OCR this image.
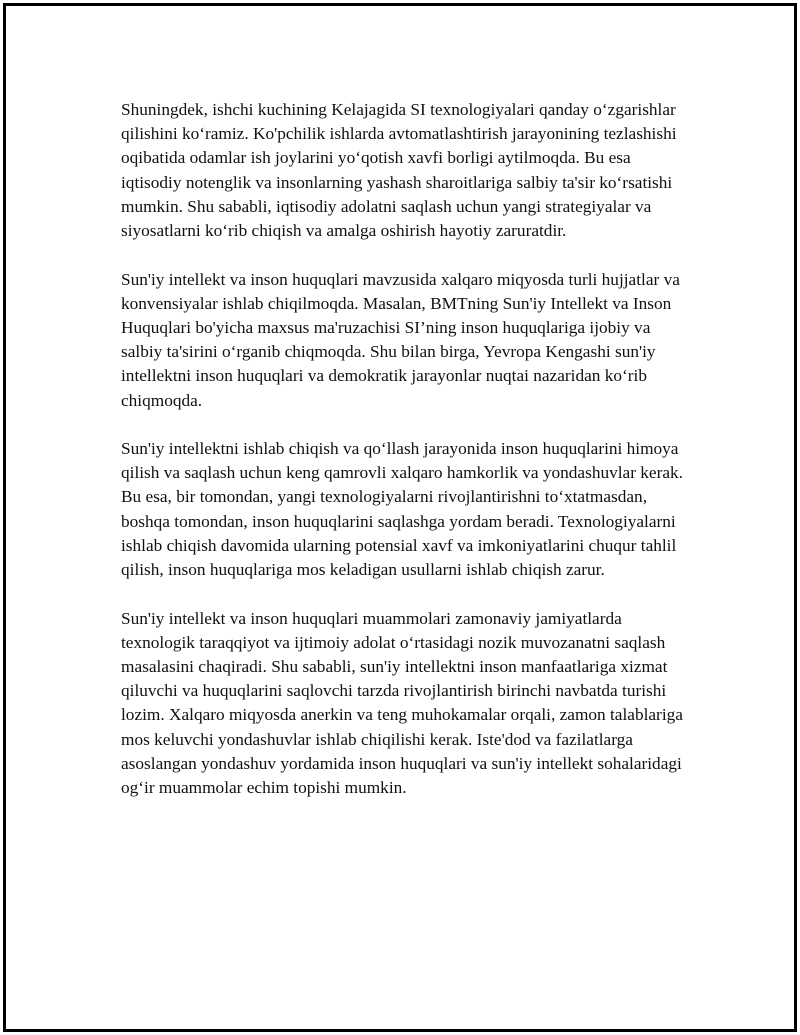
Shuningdek, ishchi kuchining Kelajagida SI texnologiyalari qanday o‘zgarishlar qilishini ko‘ramiz. Ko'pchilik ishlarda avtomatlashtirish jarayonining tezlashishi oqibatida odamlar ish joylarini yo‘qotish xavfi borligi aytilmoqda. Bu esa iqtisodiy notenglik va insonlarning yashash sharoitlariga salbiy ta'sir ko‘rsatishi mumkin. Shu sababli, iqtisodiy adolatni saqlash uchun yangi strategiyalar va siyosatlarni ko‘rib chiqish va amalga oshirish hayotiy zaruratdir.

Sun'iy intellekt va inson huquqlari mavzusida xalqaro miqyosda turli hujjatlar va konvensiyalar ishlab chiqilmoqda. Masalan, BMTning Sun'iy Intellekt va Inson Huquqlari bo'yicha maxsus ma'ruzachisi SI’ning inson huquqlariga ijobiy va salbiy ta'sirini o‘rganib chiqmoqda. Shu bilan birga, Yevropa Kengashi sun'iy intellektni inson huquqlari va demokratik jarayonlar nuqtai nazaridan ko‘rib chiqmoqda.

Sun'iy intellektni ishlab chiqish va qo‘llash jarayonida inson huquqlarini himoya qilish va saqlash uchun keng qamrovli xalqaro hamkorlik va yondashuvlar kerak. Bu esa, bir tomondan, yangi texnologiyalarni rivojlantirishni to‘xtatmasdan, boshqa tomondan, inson huquqlarini saqlashga yordam beradi. Texnologiyalarni ishlab chiqish davomida ularning potensial xavf va imkoniyatlarini chuqur tahlil qilish, inson huquqlariga mos keladigan usullarni ishlab chiqish zarur.

Sun'iy intellekt va inson huquqlari muammolari zamonaviy jamiyatlarda texnologik taraqqiyot va ijtimoiy adolat o‘rtasidagi nozik muvozanatni saqlash masalasini chaqiradi. Shu sababli, sun'iy intellektni inson manfaatlariga xizmat qiluvchi va huquqlarini saqlovchi tarzda rivojlantirish birinchi navbatda turishi lozim. Xalqaro miqyosda anerkin va teng muhokamalar orqali, zamon talablariga mos keluvchi yondashuvlar ishlab chiqilishi kerak. Iste'dod va fazilatlarga asoslangan yondashuv yordamida inson huquqlari va sun'iy intellekt sohalaridagi og‘ir muammolar echim topishi mumkin.
